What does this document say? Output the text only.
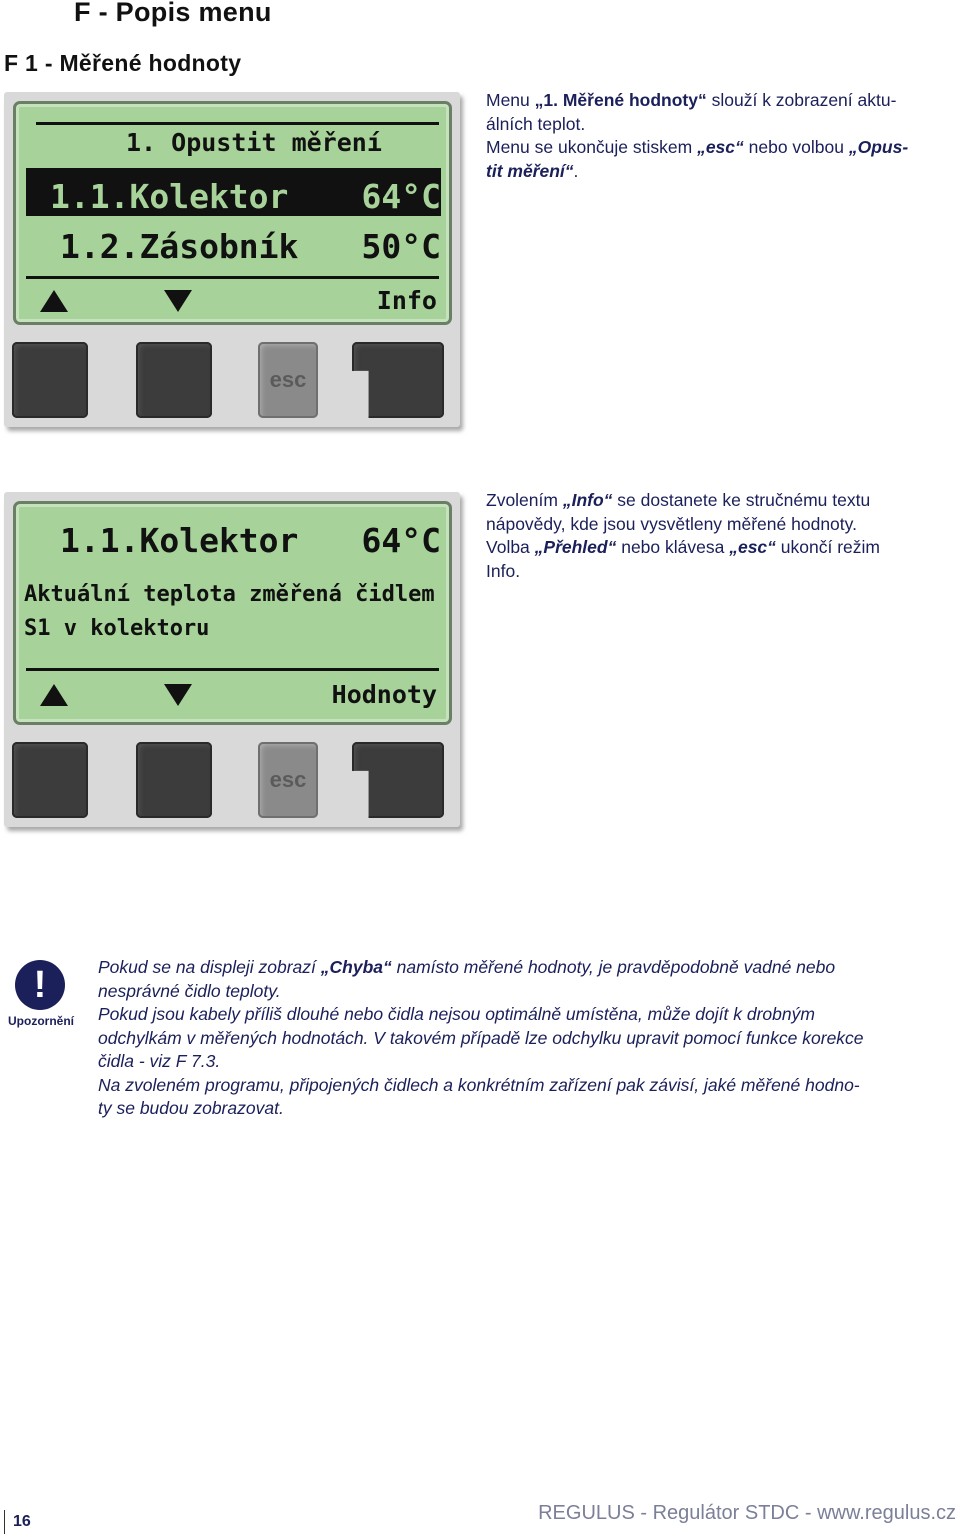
F - Popis menu
F 1 - Měřené hodnoty
1. Opustit měření
1.1.Kolektor 64°C
1.2.Zásobník 50°C
Info
esc
1.1.Kolektor 64°C
Aktuální teplota změřená čidlem
S1 v kolektoru
Hodnoty
esc
Menu „1. Měřené hodnoty“ slouží k zobrazení aktu-
álních teplot.
Menu se ukončuje stiskem „esc“ nebo volbou „Opus-
tit měření“.
Zvolením „Info“ se dostanete ke stručnému textu
nápovědy, kde jsou vysvětleny měřené hodnoty.
Volba „Přehled“ nebo klávesa „esc“ ukončí režim
Info.
!
Upozornění
Pokud se na displeji zobrazí „Chyba“ namísto měřené hodnoty, je pravděpodobně vadné nebo
nesprávné čidlo teploty.
Pokud jsou kabely příliš dlouhé nebo čidla nejsou optimálně umístěna, může dojít k drobným
odchylkám v měřených hodnotách. V takovém případě lze odchylku upravit pomocí funkce korekce
čidla - viz F 7.3.
Na zvoleném programu, připojených čidlech a konkrétním zařízení pak závisí, jaké měřené hodno-
ty se budou zobrazovat.
16	REGULUS - Regulátor STDC - www.regulus.cz
